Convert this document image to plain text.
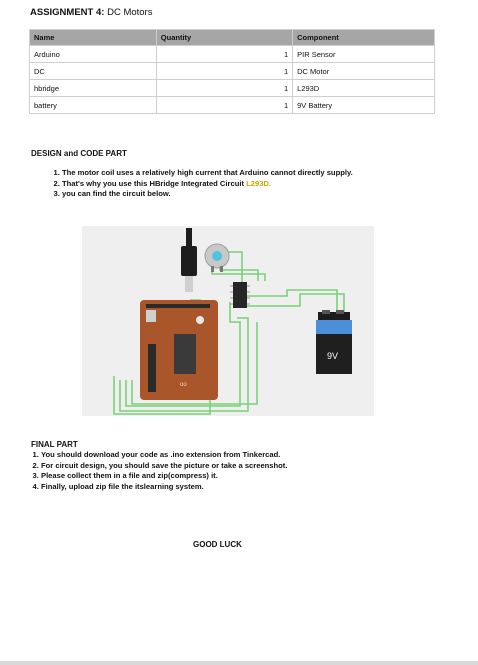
ASSIGNMENT 4: DC Motors
Name	Quantity	Component
Arduino	1	PIR Sensor
DC	1	DC Motor
hbridge	1	L293D
battery	1	9V Battery
DESIGN and CODE PART
1. The motor coil uses a relatively high current that Arduino cannot directly supply.
2. That's why you use this HBridge Integrated Circuit L293D.
3. you can find the circuit below.
oo
9V
FINAL PART
1. You should download your code as .ino extension from Tinkercad.
2. For circuit design, you should save the picture or take a screenshot.
3. Please collect them in a file and zip(compress) it.
4. Finally, upload zip file the itslearning system.
GOOD LUCK
